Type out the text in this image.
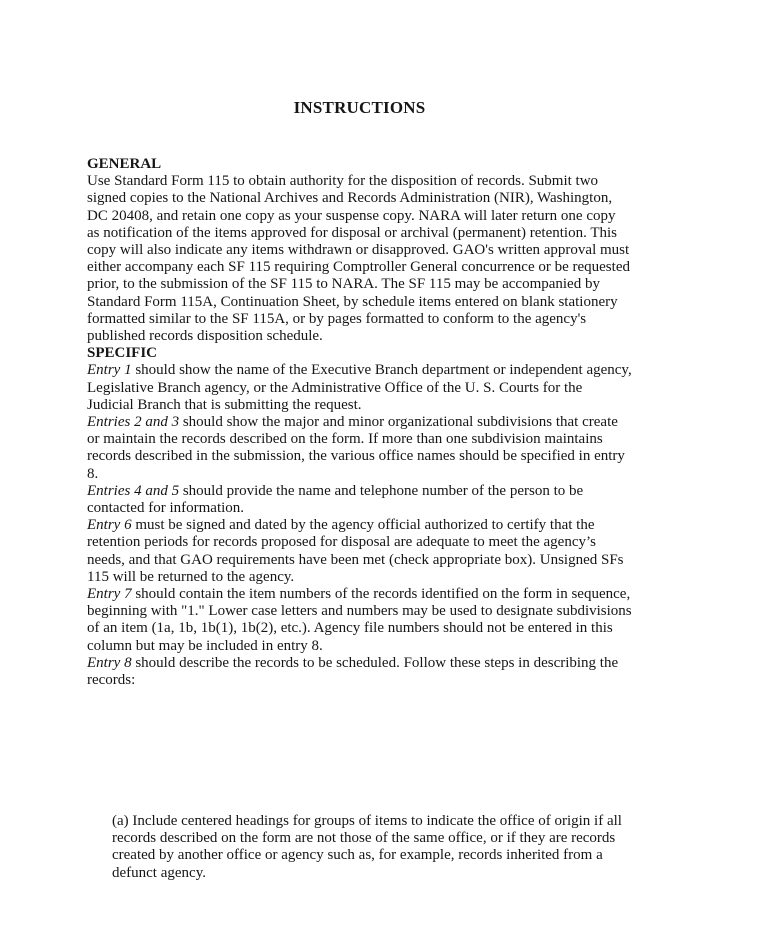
INSTRUCTIONS
GENERAL
Use Standard Form 115 to obtain authority for the disposition of records. Submit two
signed copies to the National Archives and Records Administration (NIR), Washington,
DC 20408, and retain one copy as your suspense copy. NARA will later return one copy
as notification of the items approved for disposal or archival (permanent) retention. This
copy will also indicate any items withdrawn or disapproved. GAO's written approval must
either accompany each SF 115 requiring Comptroller General concurrence or be requested
prior, to the submission of the SF 115 to NARA. The SF 115 may be accompanied by
Standard Form 115A, Continuation Sheet, by schedule items entered on blank stationery
formatted similar to the SF 115A, or by pages formatted to conform to the agency's
published records disposition schedule.
SPECIFIC
Entry 1 should show the name of the Executive Branch department or independent agency,
Legislative Branch agency, or the Administrative Office of the U. S. Courts for the
Judicial Branch that is submitting the request.
Entries 2 and 3 should show the major and minor organizational subdivisions that create
or maintain the records described on the form. If more than one subdivision maintains
records described in the submission, the various office names should be specified in entry
8.
Entries 4 and 5 should provide the name and telephone number of the person to be
contacted for information.
Entry 6 must be signed and dated by the agency official authorized to certify that the
retention periods for records proposed for disposal are adequate to meet the agency’s
needs, and that GAO requirements have been met (check appropriate box). Unsigned SFs
115 will be returned to the agency.
Entry 7 should contain the item numbers of the records identified on the form in sequence,
beginning with "1." Lower case letters and numbers may be used to designate subdivisions
of an item (1a, 1b, 1b(1), 1b(2), etc.). Agency file numbers should not be entered in this
column but may be included in entry 8.
Entry 8 should describe the records to be scheduled. Follow these steps in describing the
records:
(a) Include centered headings for groups of items to indicate the office of origin if all
records described on the form are not those of the same office, or if they are records
created by another office or agency such as, for example, records inherited from a
defunct agency.
